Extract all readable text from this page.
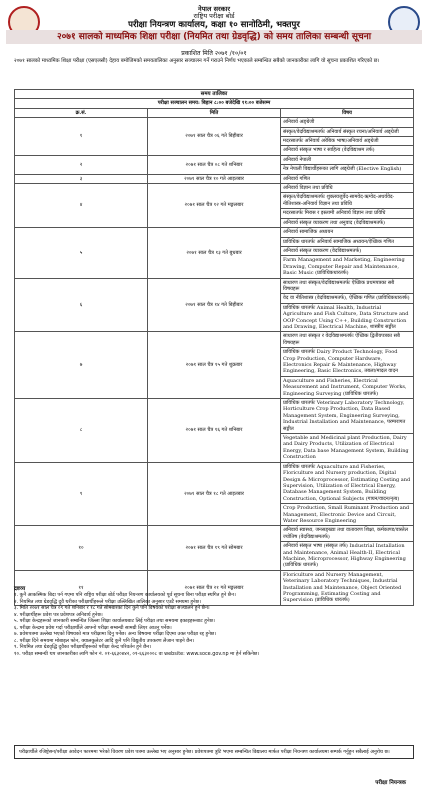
नेपाल सरकार
राष्ट्रिय परीक्षा बोर्ड
परीक्षा नियन्त्रण कार्यालय, कक्षा १० सानोठिमी, भक्तपुर
२०७१ सालको माध्यमिक शिक्षा परीक्षा (नियमित तथा ग्रेडवृद्धि) को समय तालिका सम्बन्धी सूचना
प्रकाशित मिति २०७१ /१०/०१
२०७१ सालको माध्यमिक शिक्षा परीक्षा (एसएलसी) देहाय बमोजिमको समयतालिका अनुसार सञ्चालन गर्ने गराउने निर्णय भएकाले सम्बन्धित सबैको जानकारीका लागि यो सूचना प्रकाशित गरिएको छ।
समय तालिका		
परीक्षा सञ्चालन समय: बिहान ८:०० बजेदेखि ११:०० बजेसम्म		
क्र.सं.	मिति	विषय
१	२०७१ साल चैत्र ०६ गते बिहीबार	अनिवार्य अङ्ग्रेजी
		संस्कृत/वेदविद्याश्रमतर्फः अनिवार्य संस्कृत रचना/अनिवार्य अङ्ग्रेजी
		मदरसातर्फः अनिवार्य अरेबिक भाषा/अनिवार्य अङ्ग्रेजी
		अनिवार्य संस्कृत भाषा र साहित्य (वेदविद्याश्रम तर्फ)
२	२०७१ साल चैत्र ०८ गते शनिबार	अनिवार्य नेपाली
		नेत्र नेपाली विद्यार्थीहरूका लागि अङ्ग्रेजी (Elective English)
३	२०७१ साल चैत्र १० गते आइतबार	अनिवार्य गणित
४	२०७१ साल चैत्र १२ गते मङ्गलबार	अनिवार्य विज्ञान तथा प्रविधि
		संस्कृत/वेदविद्याश्रमतर्फः शुक्लयजुर्वेद-सामवेद-ऋग्वेद-अथर्ववेद-नीतिशास्त्र-अनिवार्य विज्ञान तथा प्रविधि
		मदरसातर्फः मिरास र इस्लामी अनिवार्य विज्ञान तथा प्रविधि
		अनिवार्य संस्कृत व्याकरण तथा अनुवाद (वेदविद्याश्रमतर्फ)
५	२०७१ साल चैत्र १३ गते बुधबार	अनिवार्य सामाजिक अध्ययन
		प्राविधिक धारतर्फः अनिवार्य सामाजिक अध्ययन/ऐच्छिक गणित
		अनिवार्य संस्कृत व्याकरण (वेदविद्याश्रमतर्फ)
		Farm Management and Marketing, Engineering Drawing, Computer Repair and Maintenance, Basic Music (प्राविधिकधारतर्फ)
६	२०७१ साल चैत्र १४ गते बिहीबार	साधारण तथा संस्कृत/वेदविद्याश्रमतर्फः ऐच्छिक प्रथमपत्रका सबै विषयहरू
		वेद वा नीतिशास्त्र (वेदविद्याश्रमतर्फ), ऐच्छिक गणित (प्राविधिकधारतर्फ)
		प्राविधिक धारतर्फः Animal Health, Industrial Agriculture and Fish Culture, Data Structure and OOP Concept Using C++, Building Construction and Drawing, Electrical Machine, शास्त्रीय सङ्गीत
७	२०७१ साल चैत्र १५ गते शुक्रबार	साधारण तथा संस्कृत र वेदविद्याश्रमतर्फः ऐच्छिक द्वितीयपत्रका सबै विषयहरू
		प्राविधिक धारतर्फः Dairy Product Technology, Food Crop Production, Computer Hardware, Electronics Repair & Maintenance, Highway Engineering, Basic Electronics, तबला/मादल वादन
		Aquaculture and Fisheries, Electrical Measurement and Instrument, Computer Works, Engineering Surveying (प्राविधिक धारतर्फ)
८	२०७१ साल चैत्र १६ गते शनिबार	प्राविधिक धारतर्फः Veterinary Laboratory Technology, Horticulture Crop Production, Data Based Management System, Engineering Surveying, Industrial Installation and Maintenance, परम्परागत सङ्गीत
		Vegetable and Medicinal plant Production, Dairy and Dairy Products, Utilization of Electrical Energy, Data base Management System, Building Construction
९	२०७१ साल चैत्र १८ गते आइतबार	प्राविधिक धारतर्फः Aquaculture and Fisheries, Floriculture and Nursery production, Digital Design & Microprocessor, Estimating Costing and Supervision, Utilization of Electrical Energy, Database Management System, Building Construction, Optional Subjects (गायन/वादन/नृत्य)
		Crop Production, Small Ruminant Production and Management, Electronic Device and Circuit, Water Resource Engineering
१०	२०७१ साल चैत्र १९ गते सोमबार	अनिवार्य स्वास्थ्य, जनसङ्ख्या तथा वातावरण शिक्षा, कर्मकाण्ड/वास्तेल ज्योतिष (वेदविद्याश्रमतर्फ)
		अनिवार्य संस्कृत भाषा (संस्कृत तर्फ) Industrial Installation and Maintenance, Animal Health-II, Electrical Machine, Microprocessor, Highway Engineering (प्राविधिक धारतर्फ)
११	२०७१ साल चैत्र २१ गते मङ्गलबार	Floriculture and Nursery Management, Veterinary Laboratory Techniques, Industrial Installation and Maintenance, Object Oriented Programming, Estimating Costing and Supervision (प्राविधिक धारतर्फ)
द्रष्टव्य
१. कुनै आकस्मिक बिदा पर्न गएमा पनि राष्ट्रिय परीक्षा बोर्ड परीक्षा नियन्त्रण कार्यालयको पूर्व सूचना बिना परीक्षा स्थगित हुने छैन।
२. नियमित तथा ग्रेडवृद्धि दुवै थरीका परीक्षार्थीहरूले परीक्षा उल्लिखित तालिका अनुसार एउटै समयमा हुनेछ।
३. मिति २०७१ साल चैत्र ०९ गते शनिबार र १८ गते सोमबारका दिन कुनै पनि विषयको परीक्षा सञ्चालन हुने छैन।
४. परीक्षार्थीहरू प्रवेश पत्र प्रवेशपत्र अनिवार्य हुनेछ।
५. परीक्षा केन्द्रहरूको जानकारी सम्बन्धित जिल्ला शिक्षा कार्यालयबाट लिई परीक्षा तथा समयमा इकाइहरूबाट हुनेछ।
६. परीक्षा केन्द्रमा प्रवेश गर्दा परीक्षार्थीले आफ्नो परीक्षा सम्बन्धी सामग्री लिएर आउनु पर्नेछ।
७. प्रवेशपत्रमा उल्लेख भएको विषयको मात्र परीक्षामा दिनु पर्नेछ। अन्य विषयमा परीक्षा दिएमा उक्त परीक्षा रद्द हुनेछ।
८. परीक्षा दिने समयमा मोबाइल फोन, क्यालकुलेटर आदि कुनै पनि विद्युतीय उपकरण लैजान पाइने छैन।
९. नियमित तथा ग्रेडवृद्धि दुवैका परीक्षार्थीहरूको परीक्षा केन्द्र परिवर्तन हुने छैन।
१०. परीक्षा सम्बन्धी थप जानकारीका लागि फोन नं. ०१-६६३०४४२, ०१-६६३०००८ वा website: www.soce.gov.np मा हेर्न सकिनेछ।
परीक्षार्थीले रजिष्ट्रेसन/परीक्षा आवेदन फारममा भरेको विवरण प्रवेश पत्रमा उल्लेख भए अनुसार हुनेछ। प्रवेशपत्रमा त्रुटि भएमा सम्बन्धित विद्यालय मार्फत परीक्षा नियन्त्रण कार्यालयमा सम्पर्क गर्नुहुन सबैलाई अनुरोध छ।
परीक्षा नियन्त्रक
